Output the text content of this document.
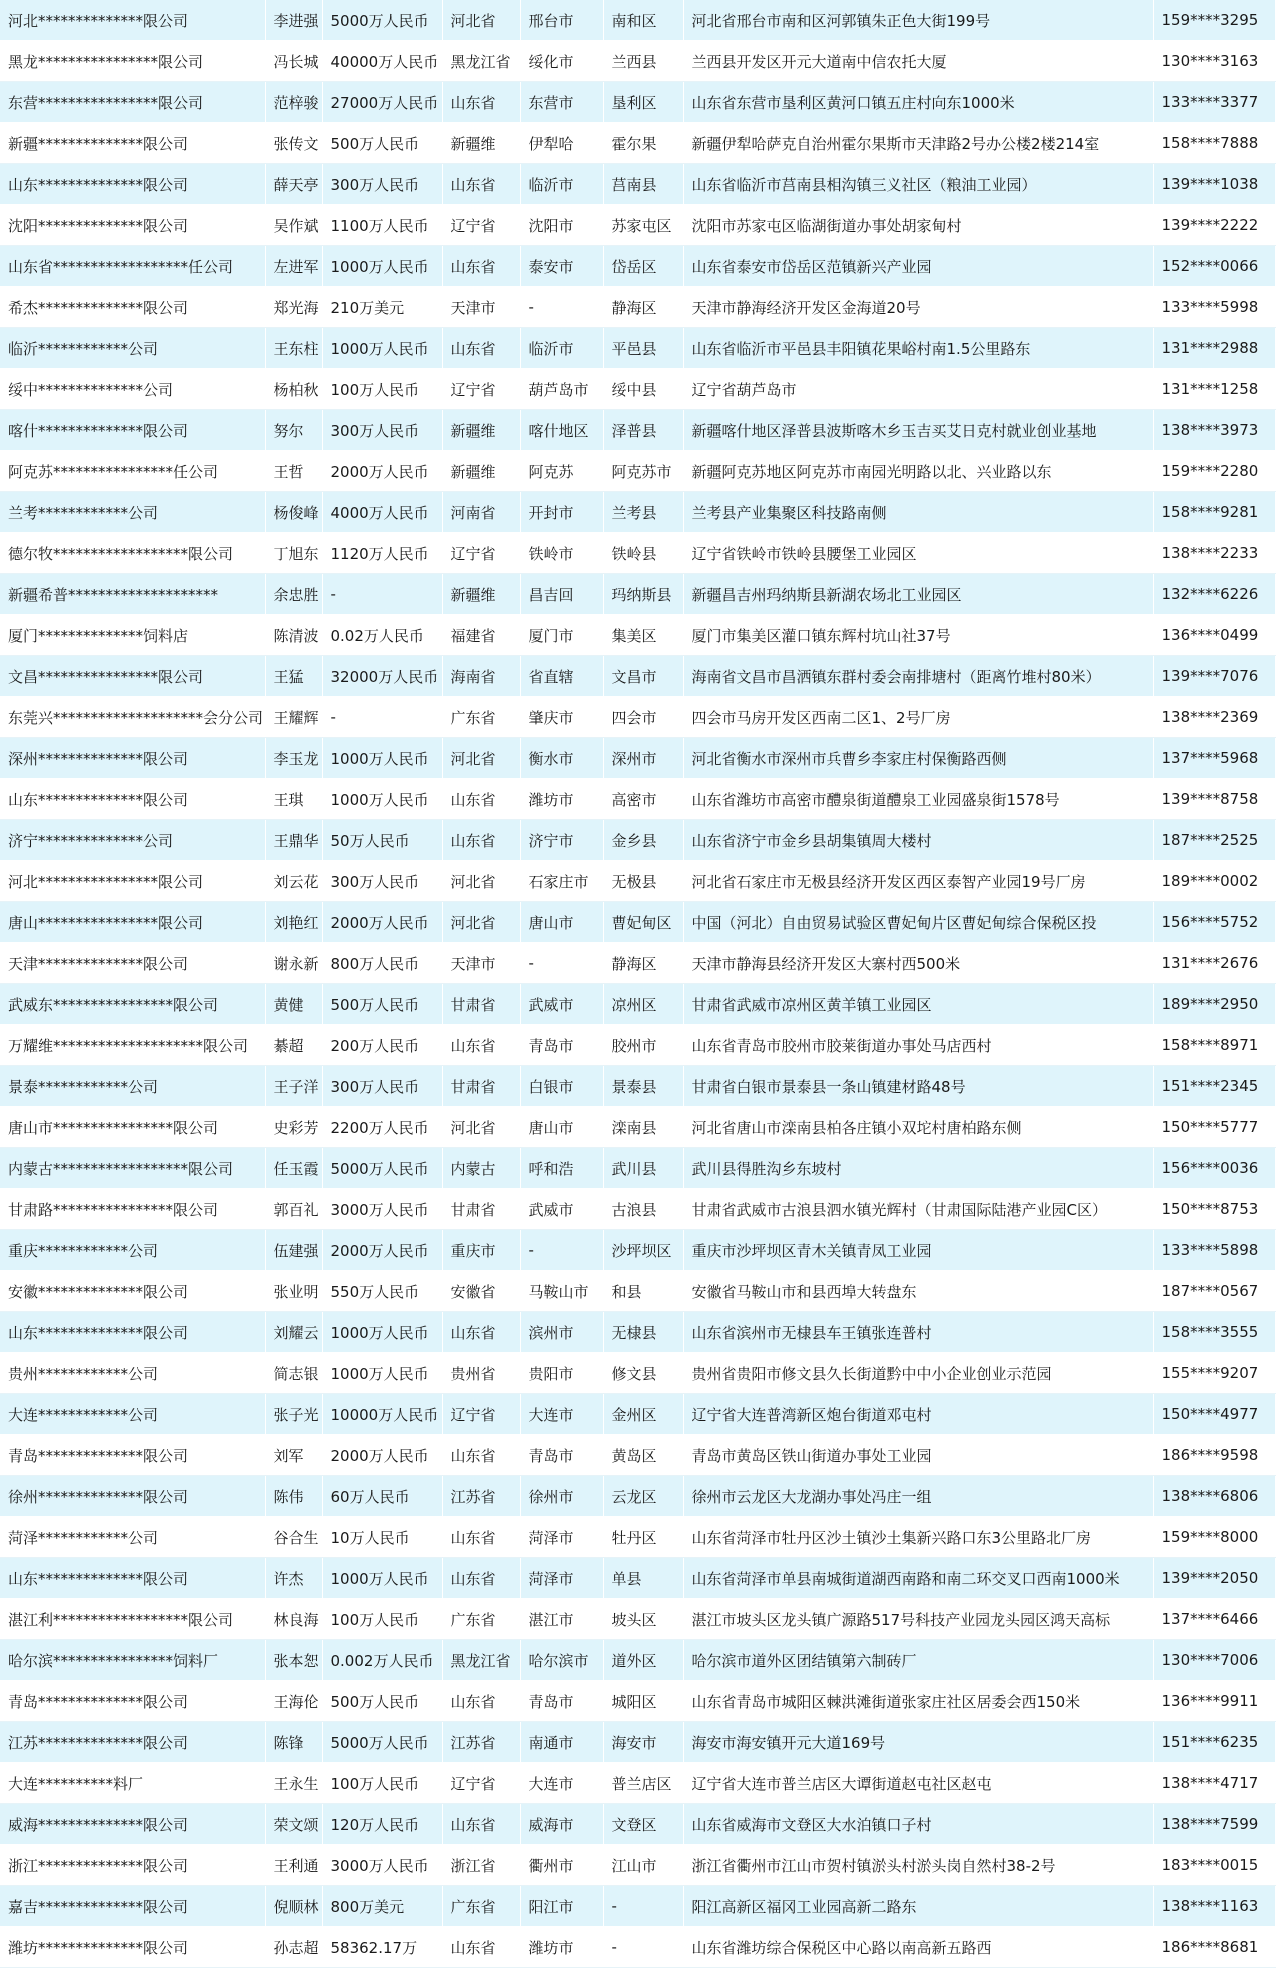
河北**************限公司	李进强	5000万人民币	河北省	邢台市	南和区	河北省邢台市南和区河郭镇朱正色大街199号	159****3295
黑龙****************限公司	冯长城	40000万人民币	黑龙江省	绥化市	兰西县	兰西县开发区开元大道南中信农托大厦	130****3163
东营****************限公司	范梓骏	27000万人民币	山东省	东营市	垦利区	山东省东营市垦利区黄河口镇五庄村向东1000米	133****3377
新疆**************限公司	张传文	500万人民币	新疆维	伊犁哈	霍尔果	新疆伊犁哈萨克自治州霍尔果斯市天津路2号办公楼2楼214室	158****7888
山东**************限公司	薛天亭	300万人民币	山东省	临沂市	莒南县	山东省临沂市莒南县相沟镇三义社区（粮油工业园）	139****1038
沈阳**************限公司	吴作斌	1100万人民币	辽宁省	沈阳市	苏家屯区	沈阳市苏家屯区临湖街道办事处胡家甸村	139****2222
山东省******************任公司	左进军	1000万人民币	山东省	泰安市	岱岳区	山东省泰安市岱岳区范镇新兴产业园	152****0066
希杰**************限公司	郑光海	210万美元	天津市	-	静海区	天津市静海经济开发区金海道20号	133****5998
临沂************公司	王东柱	1000万人民币	山东省	临沂市	平邑县	山东省临沂市平邑县丰阳镇花果峪村南1.5公里路东	131****2988
绥中**************公司	杨柏秋	100万人民币	辽宁省	葫芦岛市	绥中县	辽宁省葫芦岛市	131****1258
喀什**************限公司	努尔	300万人民币	新疆维	喀什地区	泽普县	新疆喀什地区泽普县波斯喀木乡玉吉买艾日克村就业创业基地	138****3973
阿克苏****************任公司	王哲	2000万人民币	新疆维	阿克苏	阿克苏市	新疆阿克苏地区阿克苏市南园光明路以北、兴业路以东	159****2280
兰考************公司	杨俊峰	4000万人民币	河南省	开封市	兰考县	兰考县产业集聚区科技路南侧	158****9281
德尔牧******************限公司	丁旭东	1120万人民币	辽宁省	铁岭市	铁岭县	辽宁省铁岭市铁岭县腰堡工业园区	138****2233
新疆希普********************	余忠胜	-	新疆维	昌吉回	玛纳斯县	新疆昌吉州玛纳斯县新湖农场北工业园区	132****6226
厦门**************饲料店	陈清波	0.02万人民币	福建省	厦门市	集美区	厦门市集美区灌口镇东辉村坑山社37号	136****0499
文昌****************限公司	王猛	32000万人民币	海南省	省直辖	文昌市	海南省文昌市昌洒镇东群村委会南排塘村（距离竹堆村80米）	139****7076
东莞兴********************会分公司	王耀辉	-	广东省	肇庆市	四会市	四会市马房开发区西南二区1、2号厂房	138****2369
深州**************限公司	李玉龙	1000万人民币	河北省	衡水市	深州市	河北省衡水市深州市兵曹乡李家庄村保衡路西侧	137****5968
山东**************限公司	王琪	1000万人民币	山东省	潍坊市	高密市	山东省潍坊市高密市醴泉街道醴泉工业园盛泉街1578号	139****8758
济宁**************公司	王鼎华	50万人民币	山东省	济宁市	金乡县	山东省济宁市金乡县胡集镇周大楼村	187****2525
河北****************限公司	刘云花	300万人民币	河北省	石家庄市	无极县	河北省石家庄市无极县经济开发区西区泰智产业园19号厂房	189****0002
唐山****************限公司	刘艳红	2000万人民币	河北省	唐山市	曹妃甸区	中国（河北）自由贸易试验区曹妃甸片区曹妃甸综合保税区投	156****5752
天津**************限公司	谢永新	800万人民币	天津市	-	静海区	天津市静海县经济开发区大寨村西500米	131****2676
武威东****************限公司	黄健	500万人民币	甘肃省	武威市	凉州区	甘肃省武威市凉州区黄羊镇工业园区	189****2950
万耀维********************限公司	綦超	200万人民币	山东省	青岛市	胶州市	山东省青岛市胶州市胶莱街道办事处马店西村	158****8971
景泰************公司	王子洋	300万人民币	甘肃省	白银市	景泰县	甘肃省白银市景泰县一条山镇建材路48号	151****2345
唐山市****************限公司	史彩芳	2200万人民币	河北省	唐山市	滦南县	河北省唐山市滦南县柏各庄镇小双坨村唐柏路东侧	150****5777
内蒙古******************限公司	任玉霞	5000万人民币	内蒙古	呼和浩	武川县	武川县得胜沟乡东坡村	156****0036
甘肃路****************限公司	郭百礼	3000万人民币	甘肃省	武威市	古浪县	甘肃省武威市古浪县泗水镇光辉村（甘肃国际陆港产业园C区）	150****8753
重庆************公司	伍建强	2000万人民币	重庆市	-	沙坪坝区	重庆市沙坪坝区青木关镇青凤工业园	133****5898
安徽**************限公司	张业明	550万人民币	安徽省	马鞍山市	和县	安徽省马鞍山市和县西埠大转盘东	187****0567
山东**************限公司	刘耀云	1000万人民币	山东省	滨州市	无棣县	山东省滨州市无棣县车王镇张连普村	158****3555
贵州************公司	简志银	1000万人民币	贵州省	贵阳市	修文县	贵州省贵阳市修文县久长街道黔中中小企业创业示范园	155****9207
大连************公司	张子光	10000万人民币	辽宁省	大连市	金州区	辽宁省大连普湾新区炮台街道邓屯村	150****4977
青岛**************限公司	刘军	2000万人民币	山东省	青岛市	黄岛区	青岛市黄岛区铁山街道办事处工业园	186****9598
徐州**************限公司	陈伟	60万人民币	江苏省	徐州市	云龙区	徐州市云龙区大龙湖办事处冯庄一组	138****6806
菏泽************公司	谷合生	10万人民币	山东省	菏泽市	牡丹区	山东省菏泽市牡丹区沙土镇沙土集新兴路口东3公里路北厂房	159****8000
山东**************限公司	许杰	1000万人民币	山东省	菏泽市	单县	山东省菏泽市单县南城街道湖西南路和南二环交叉口西南1000米	139****2050
湛江利******************限公司	林良海	100万人民币	广东省	湛江市	坡头区	湛江市坡头区龙头镇广源路517号科技产业园龙头园区鸿天高标	137****6466
哈尔滨****************饲料厂	张本恕	0.002万人民币	黑龙江省	哈尔滨市	道外区	哈尔滨市道外区团结镇第六制砖厂	130****7006
青岛**************限公司	王海伦	500万人民币	山东省	青岛市	城阳区	山东省青岛市城阳区棘洪滩街道张家庄社区居委会西150米	136****9911
江苏**************限公司	陈锋	5000万人民币	江苏省	南通市	海安市	海安市海安镇开元大道169号	151****6235
大连**********料厂	王永生	100万人民币	辽宁省	大连市	普兰店区	辽宁省大连市普兰店区大谭街道赵屯社区赵屯	138****4717
威海**************限公司	荣文颂	120万人民币	山东省	威海市	文登区	山东省威海市文登区大水泊镇口子村	138****7599
浙江**************限公司	王利通	3000万人民币	浙江省	衢州市	江山市	浙江省衢州市江山市贺村镇淤头村淤头岗自然村38-2号	183****0015
嘉吉**************限公司	倪顺林	800万美元	广东省	阳江市	-	阳江高新区福冈工业园高新二路东	138****1163
潍坊**************限公司	孙志超	58362.17万	山东省	潍坊市	-	山东省潍坊综合保税区中心路以南高新五路西	186****8681
